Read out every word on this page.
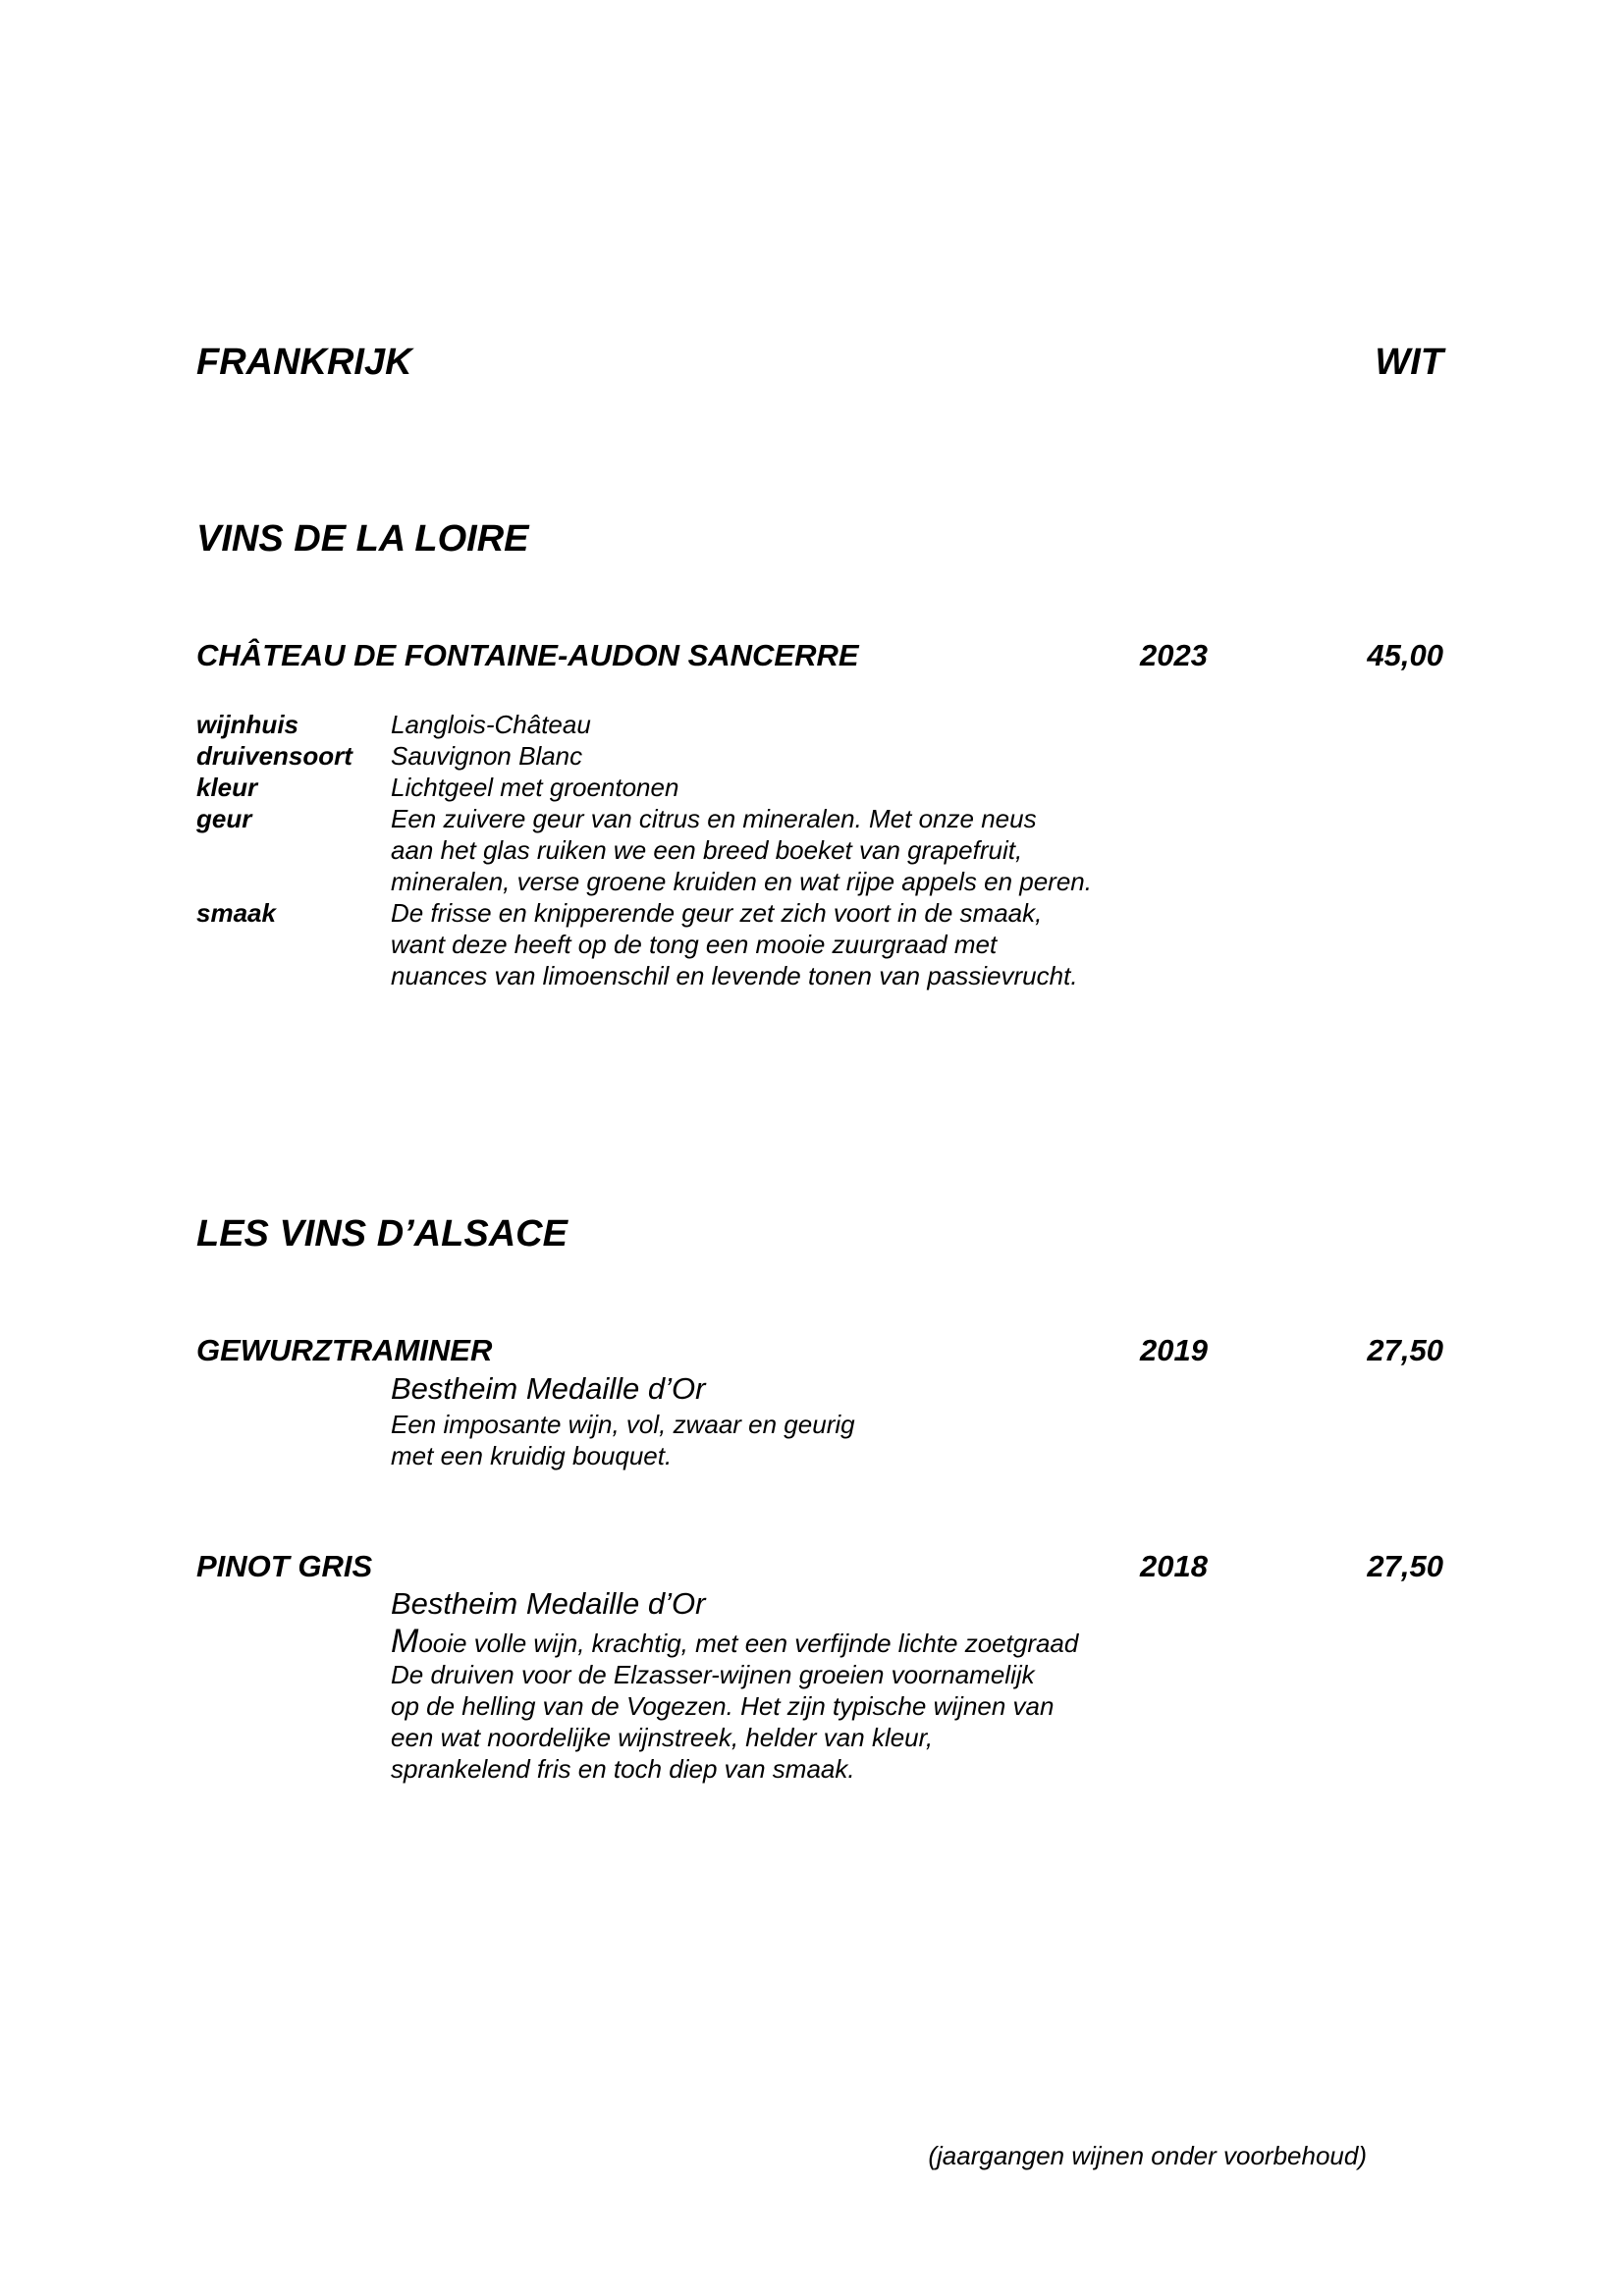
FRANKRIJK	WIT
VINS DE LA LOIRE
CHÂTEAU DE FONTAINE-AUDON SANCERRE	2023	45,00
wijnhuis	Langlois-Château
druivensoort Sauvignon Blanc
kleur	Lichtgeel met groentonen
geur	Een zuivere geur van citrus en mineralen. Met onze neus
aan het glas ruiken we een breed boeket van grapefruit,
mineralen, verse groene kruiden en wat rijpe appels en peren.
smaak	De frisse en knipperende geur zet zich voort in de smaak,
want deze heeft op de tong een mooie zuurgraad met
nuances van limoenschil en levende tonen van passievrucht.
LES VINS D’ALSACE
GEWURZTRAMINER	2019	27,50
Bestheim Medaille d’Or
Een imposante wijn, vol, zwaar en geurig
met een kruidig bouquet.
PINOT GRIS	2018	27,50
Bestheim Medaille d’Or
Mooie volle wijn, krachtig, met een verfijnde lichte zoetgraad
De druiven voor de Elzasser-wijnen groeien voornamelijk
op de helling van de Vogezen. Het zijn typische wijnen van
een wat noordelijke wijnstreek, helder van kleur,
sprankelend fris en toch diep van smaak.
(jaargangen wijnen onder voorbehoud)
